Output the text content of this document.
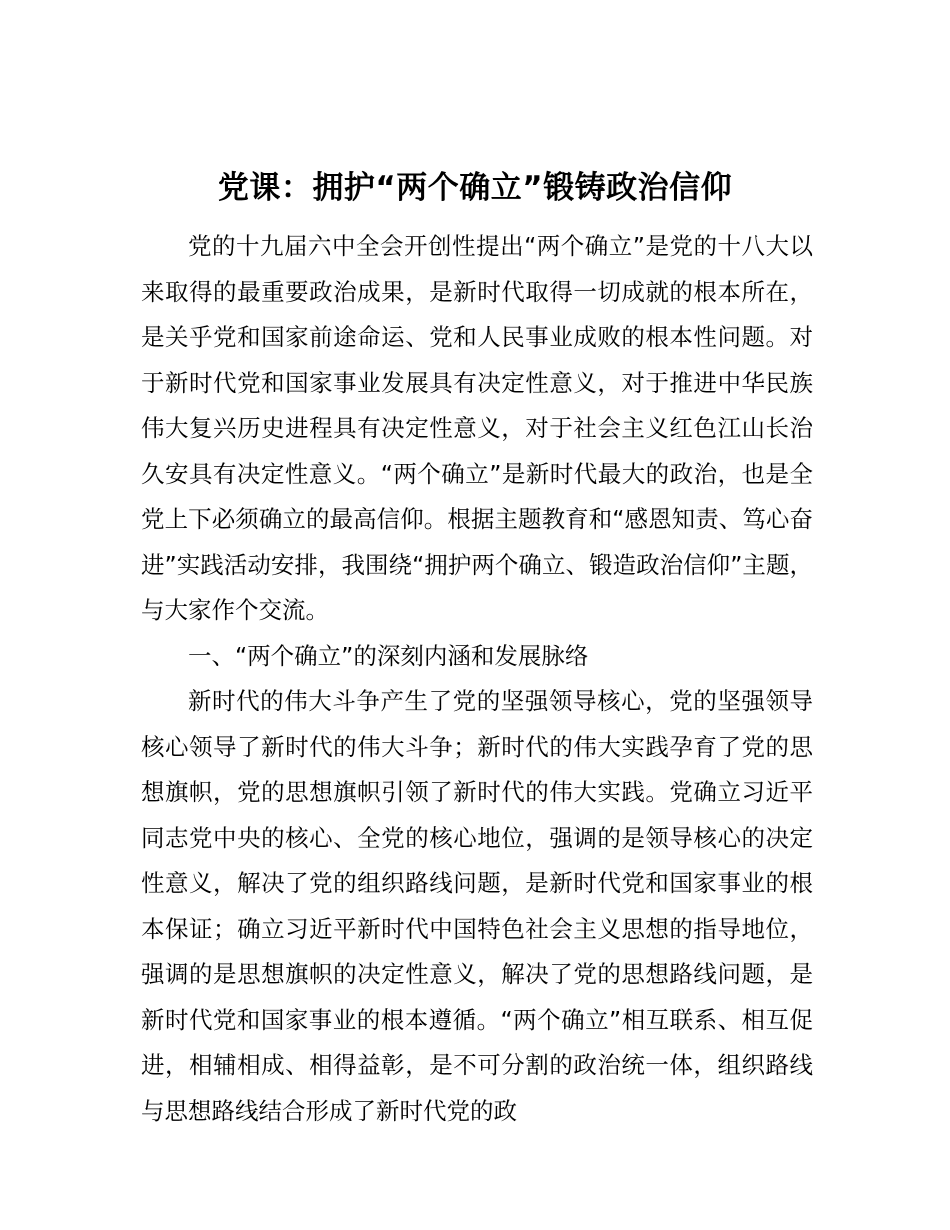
党课：拥护“两个确立”锻铸政治信仰

党的十九届六中全会开创性提出“两个确立”是党的十八大以来取得的最重要政治成果，是新时代取得一切成就的根本所在，是关乎党和国家前途命运、党和人民事业成败的根本性问题。对于新时代党和国家事业发展具有决定性意义，对于推进中华民族伟大复兴历史进程具有决定性意义，对于社会主义红色江山长治久安具有决定性意义。“两个确立”是新时代最大的政治，也是全党上下必须确立的最高信仰。根据主题教育和“感恩知责、笃心奋进”实践活动安排，我围绕“拥护两个确立、锻造政治信仰”主题，与大家作个交流。

一、“两个确立”的深刻内涵和发展脉络

新时代的伟大斗争产生了党的坚强领导核心，党的坚强领导核心领导了新时代的伟大斗争；新时代的伟大实践孕育了党的思想旗帜，党的思想旗帜引领了新时代的伟大实践。党确立习近平同志党中央的核心、全党的核心地位，强调的是领导核心的决定性意义，解决了党的组织路线问题，是新时代党和国家事业的根本保证；确立习近平新时代中国特色社会主义思想的指导地位，强调的是思想旗帜的决定性意义，解决了党的思想路线问题，是新时代党和国家事业的根本遵循。“两个确立”相互联系、相互促进，相辅相成、相得益彰，是不可分割的政治统一体，组织路线与思想路线结合形成了新时代党的政
